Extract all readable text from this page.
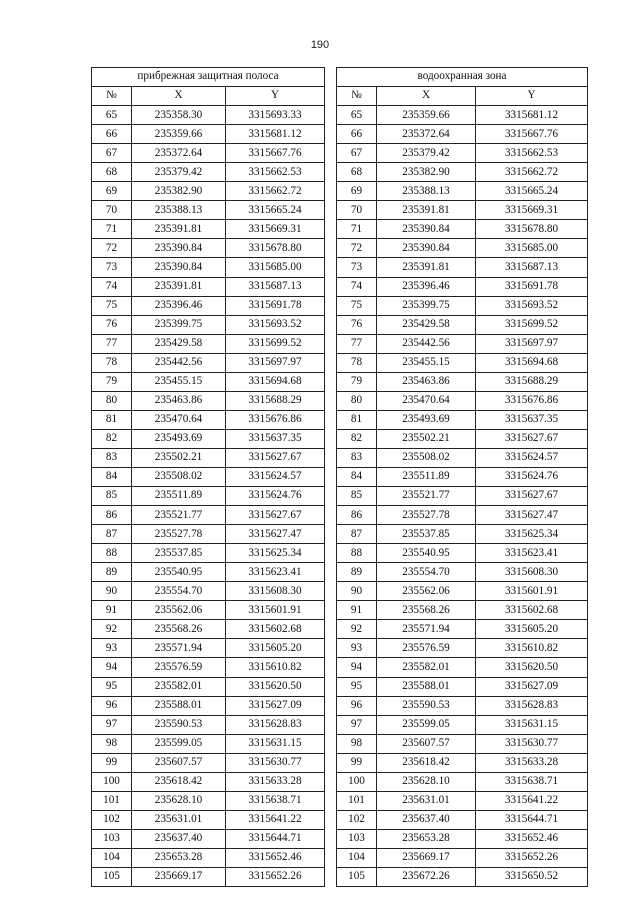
190
прибрежная защитная полоса				водоохранная зона		
№	X	Y		№	X	Y
65	235358.30	3315693.33		65	235359.66	3315681.12
66	235359.66	3315681.12		66	235372.64	3315667.76
67	235372.64	3315667.76		67	235379.42	3315662.53
68	235379.42	3315662.53		68	235382.90	3315662.72
69	235382.90	3315662.72		69	235388.13	3315665.24
70	235388.13	3315665.24		70	235391.81	3315669.31
71	235391.81	3315669.31		71	235390.84	3315678.80
72	235390.84	3315678.80		72	235390.84	3315685.00
73	235390.84	3315685.00		73	235391.81	3315687.13
74	235391.81	3315687.13		74	235396.46	3315691.78
75	235396.46	3315691.78		75	235399.75	3315693.52
76	235399.75	3315693.52		76	235429.58	3315699.52
77	235429.58	3315699.52		77	235442.56	3315697.97
78	235442.56	3315697.97		78	235455.15	3315694.68
79	235455.15	3315694.68		79	235463.86	3315688.29
80	235463.86	3315688.29		80	235470.64	3315676.86
81	235470.64	3315676.86		81	235493.69	3315637.35
82	235493.69	3315637.35		82	235502.21	3315627.67
83	235502.21	3315627.67		83	235508.02	3315624.57
84	235508.02	3315624.57		84	235511.89	3315624.76
85	235511.89	3315624.76		85	235521.77	3315627.67
86	235521.77	3315627.67		86	235527.78	3315627.47
87	235527.78	3315627.47		87	235537.85	3315625.34
88	235537.85	3315625.34		88	235540.95	3315623.41
89	235540.95	3315623.41		89	235554.70	3315608.30
90	235554.70	3315608.30		90	235562.06	3315601.91
91	235562.06	3315601.91		91	235568.26	3315602.68
92	235568.26	3315602.68		92	235571.94	3315605.20
93	235571.94	3315605.20		93	235576.59	3315610.82
94	235576.59	3315610.82		94	235582.01	3315620.50
95	235582.01	3315620.50		95	235588.01	3315627.09
96	235588.01	3315627.09		96	235590.53	3315628.83
97	235590.53	3315628.83		97	235599.05	3315631.15
98	235599.05	3315631.15		98	235607.57	3315630.77
99	235607.57	3315630.77		99	235618.42	3315633.28
100	235618.42	3315633.28		100	235628.10	3315638.71
101	235628.10	3315638.71		101	235631.01	3315641.22
102	235631.01	3315641.22		102	235637.40	3315644.71
103	235637.40	3315644.71		103	235653.28	3315652.46
104	235653.28	3315652.46		104	235669.17	3315652.26
105	235669.17	3315652.26		105	235672.26	3315650.52
